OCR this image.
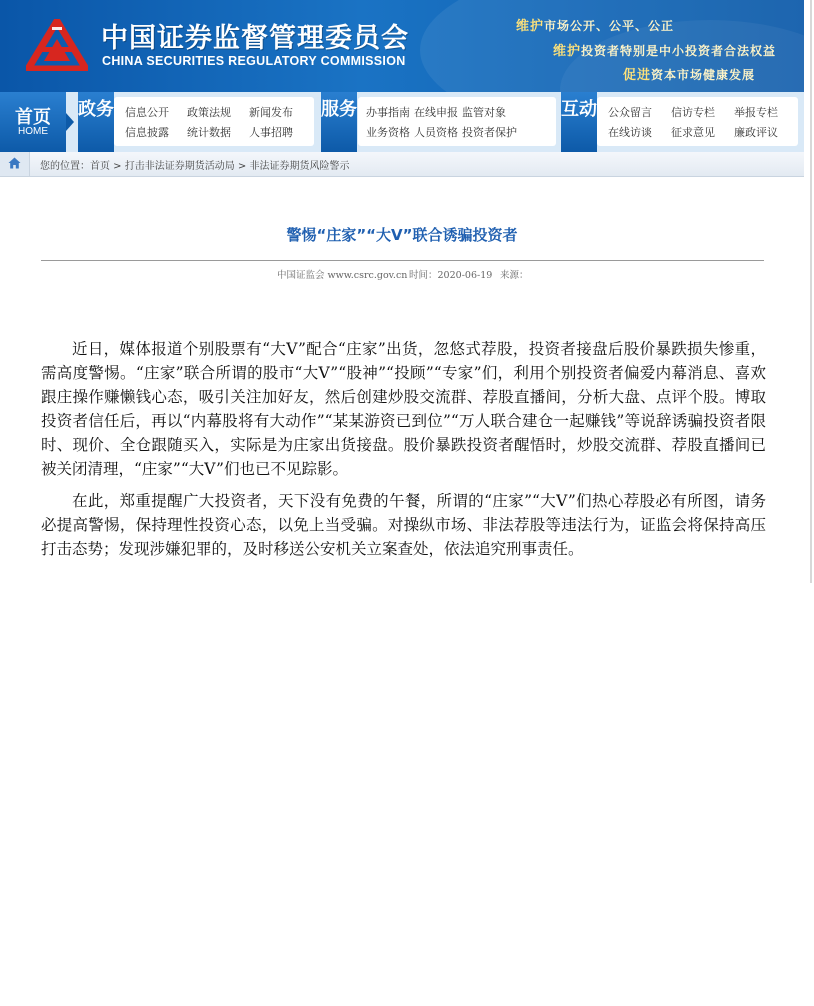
中国证券监督管理委员会
CHINA SECURITIES REGULATORY COMMISSION
维护市场公开、公平、公正
维护投资者特别是中小投资者合法权益
促进资本市场健康发展
首页
HOME
政务 信息公开 政策法规 新闻发布
信息披露 统计数据 人事招聘
服务 办事指南 在线申报 监管对象
业务资格 人员资格 投资者保护
互动 公众留言 信访专栏 举报专栏
在线访谈 征求意见 廉政评议
您的位置：首页 > 打击非法证券期货活动局 > 非法证券期货风险警示
警惕“庄家”“大V”联合诱骗投资者
中国证监会 www.csrc.gov.cn 时间：2020-06-19 来源：

近日，媒体报道个别股票有“大V”配合“庄家”出货，忽悠式荐股，投资者接盘后股价暴跌损失惨重，需高度警惕。“庄家”联合所谓的股市“大V”“股神”“投顾”“专家”们，利用个别投资者偏爱内幕消息、喜欢跟庄操作赚懒钱心态，吸引关注加好友，然后创建炒股交流群、荐股直播间，分析大盘、点评个股。博取投资者信任后，再以“内幕股将有大动作”“某某游资已到位”“万人联合建仓一起赚钱”等说辞诱骗投资者限时、现价、全仓跟随买入，实际是为庄家出货接盘。股价暴跌投资者醒悟时，炒股交流群、荐股直播间已被关闭清理，“庄家”“大V”们也已不见踪影。

在此，郑重提醒广大投资者，天下没有免费的午餐，所谓的“庄家”“大V”们热心荐股必有所图，请务必提高警惕，保持理性投资心态，以免上当受骗。对操纵市场、非法荐股等违法行为，证监会将保持高压打击态势；发现涉嫌犯罪的，及时移送公安机关立案查处，依法追究刑事责任。
